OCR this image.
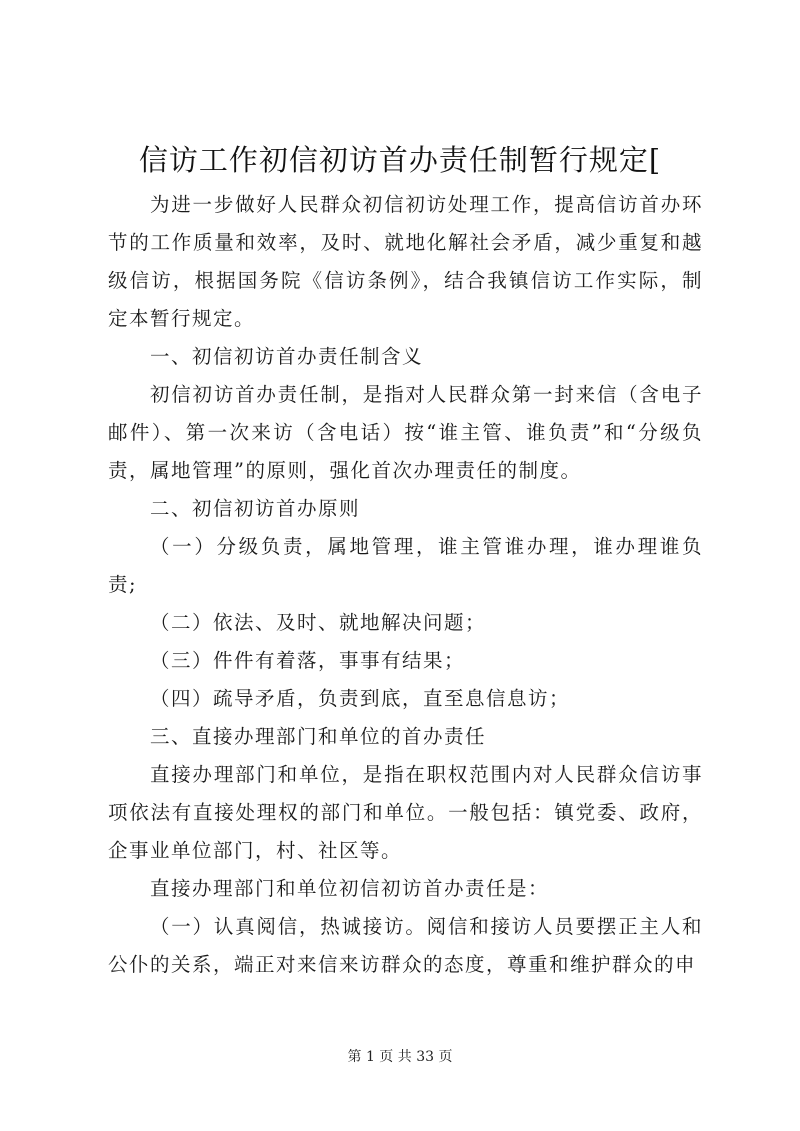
信访工作初信初访首办责任制暂行规定[

为进一步做好人民群众初信初访处理工作，提高信访首办环节的工作质量和效率，及时、就地化解社会矛盾，减少重复和越级信访，根据国务院《信访条例》，结合我镇信访工作实际，制定本暂行规定。

一、初信初访首办责任制含义

初信初访首办责任制，是指对人民群众第一封来信（含电子邮件）、第一次来访（含电话）按“谁主管、谁负责”和“分级负责，属地管理”的原则，强化首次办理责任的制度。

二、初信初访首办原则

（一）分级负责，属地管理，谁主管谁办理，谁办理谁负责;

（二）依法、及时、就地解决问题；

（三）件件有着落，事事有结果；

（四）疏导矛盾，负责到底，直至息信息访；

三、直接办理部门和单位的首办责任

直接办理部门和单位，是指在职权范围内对人民群众信访事项依法有直接处理权的部门和单位。一般包括：镇党委、政府，企事业单位部门，村、社区等。

直接办理部门和单位初信初访首办责任是：

（一）认真阅信，热诚接访。阅信和接访人员要摆正主人和公仆的关系，端正对来信来访群众的态度，尊重和维护群众的申

第 1 页 共 33 页
